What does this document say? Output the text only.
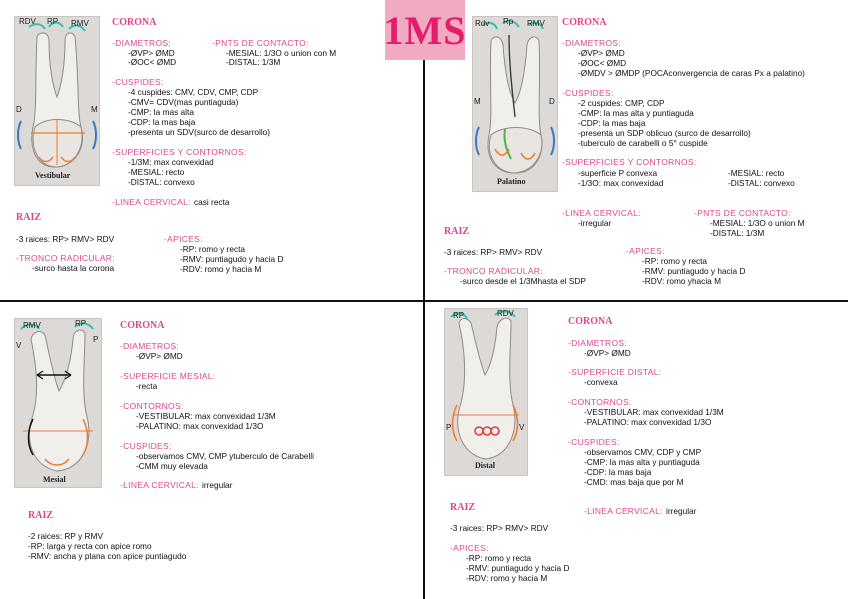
1MS
RDV RP RMV
D	M
Vestibular
CORONA
-DIAMETROS:
-ØVP> ØMD
-ØOC< ØMD
-PNTS DE CONTACTO:
-MESIAL: 1/3O o union con M
-DISTAL: 1/3M
-CUSPIDES:
-4 cuspides: CMV, CDV, CMP, CDP
-CMV= CDV(mas puntiaguda)
-CMP: la mas alta
-CDP: la mas baja
-presenta un SDV(surco de desarrollo)
-SUPERFICIES Y CONTORNOS:
-1/3M: max convexidad
-MESIAL: recto
-DISTAL: convexo
-LINEA CERVICAL: casi recta
RAIZ
-3 raices: RP> RMV> RDV
-TRONCO RADICULAR:
-surco hasta la corona
-APICES:
-RP: romo y recta
-RMV: puntiagudo y hacia D
-RDV: romo y hacia M
Rdv Rp RMV
M	D
Palatino
CORONA
-DIAMETROS:
-ØVP> ØMD
-ØOC< ØMD
-ØMDV > ØMDP (POCAconvergencia de caras Px a palatino)
-CUSPIDES:
-2 cuspides: CMP, CDP
-CMP: la mas alta y puntiaguda
-CDP: la mas baja
-presenta un SDP oblicuo (surco de desarrollo)
-tuberculo de carabelli o 5° cuspide
-SUPERFICIES Y CONTORNOS:
-superficie P convexa
-1/3O: max convexidad
-MESIAL: recto
-DISTAL: convexo
-LINEA CERVICAL:
-irregular
-PNTS DE CONTACTO:
-MESIAL: 1/3O o union M
-DISTAL: 1/3M
RAIZ
-3 raices: RP> RMV> RDV
-TRONCO RADICULAR:
-surco desde el 1/3Mhasta el SDP
-APICES:
-RP: romo y recta
-RMV: puntiagudo y hacia D
-RDV: romo yhacia M
RMV	RP
V
P
Mesial
CORONA
-DIAMETROS:
-ØVP> ØMD
-SUPERFICIE MESIAL:
-recta
-CONTORNOS:
-VESTIBULAR: max convexidad 1/3M
-PALATINO: max convexidad 1/3O
-CUSPIDES:
-observamos CMV, CMP ytuberculo de Carabelli
-CMM muy elevada
-LINEA CERVICAL: irregular
RAIZ
-2 raices: RP y RMV
-RP: larga y recta con apice romo
-RMV: ancha y plana con apice puntiagudo
RP	RDV
P	V
Distal
CORONA
-DIAMETROS:
-ØVP> ØMD
-SUPERFICIE DISTAL:
-convexa
-CONTORNOS:
-VESTIBULAR: max convexidad 1/3M
-PALATINO: max convexidad 1/3O
-CUSPIDES:
-observamos CMV, CDP y CMP
-CMP: la mas alta y puntiaguda
-CDP: la mas baja
-CMD: mas baja que por M
-LINEA CERVICAL: irregular
RAIZ
-3 raices: RP> RMV> RDV
-APICES:
-RP: romo y recta
-RMV: puntiagudo y hacia D
-RDV: romo y hacia M
